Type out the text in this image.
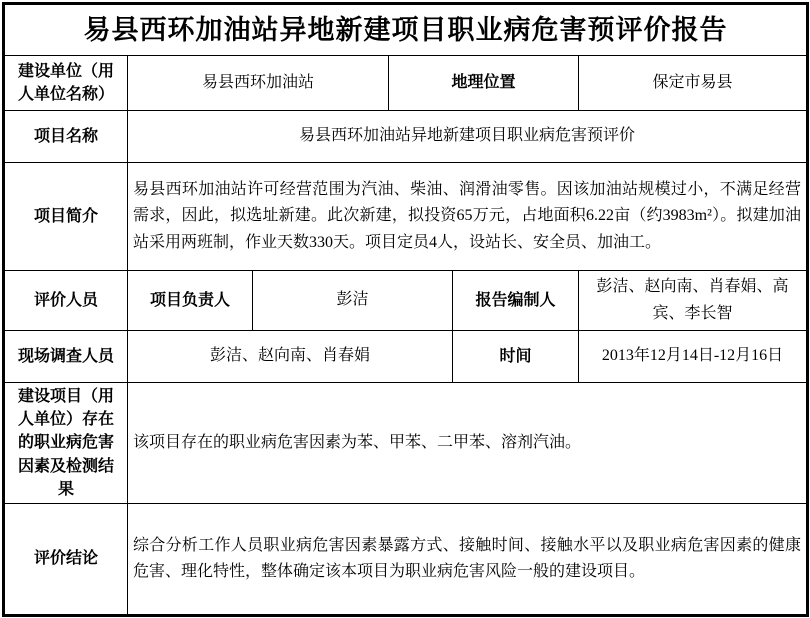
易县西环加油站异地新建项目职业病危害预评价报告					
建设单位（用人单位名称）	易县西环加油站		地理位置		保定市易县
项目名称	易县西环加油站异地新建项目职业病危害预评价				
项目简介	易县西环加油站许可经营范围为汽油、柴油、润滑油零售。因该加油站规模过小，不满足经营需求，因此，拟选址新建。此次新建，拟投资65万元，占地面积6.22亩（约3983m²）。拟建加油站采用两班制，作业天数330天。项目定员4人，设站长、安全员、加油工。				
评价人员	项目负责人	彭洁		报告编制人	彭洁、赵向南、肖春娟、高宾、李长智
现场调查人员	彭洁、赵向南、肖春娟			时间	2013年12月14日-12月16日
建设项目（用人单位）存在的职业病危害因素及检测结果	该项目存在的职业病危害因素为苯、甲苯、二甲苯、溶剂汽油。				
评价结论	综合分析工作人员职业病危害因素暴露方式、接触时间、接触水平以及职业病危害因素的健康危害、理化特性，整体确定该本项目为职业病危害风险一般的建设项目。				
